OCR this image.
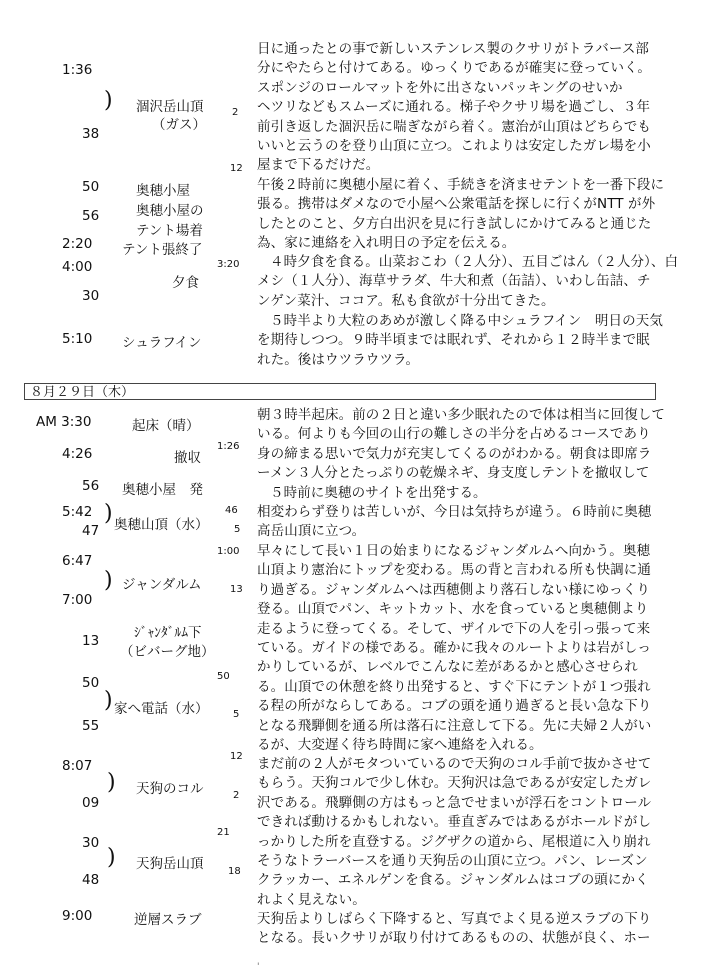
1:36
38
50
56
2:20
4:00
30
5:10
) 涸沢岳山頂
（ガス）
奥穂小屋
奥穂小屋の
テント場着
テント張終了
夕食
シュラフイン
2
12
3:20
日に通ったとの事で新しいステンレス製のクサリがトラバース部
分にやたらと付けてある。ゆっくりであるが確実に登っていく。
スポンジのロールマットを外に出さないパッキングのせいか
ヘツリなどもスムーズに通れる。梯子やクサリ場を過ごし、３年
前引き返した涸沢岳に喘ぎながら着く。憲治が山頂はどちらでも
いいと云うのを登り山頂に立つ。これよりは安定したガレ場を小
屋まで下るだけだ。
午後２時前に奥穂小屋に着く、手続きを済ませテントを一番下段に
張る。携帯はダメなので小屋へ公衆電話を探しに行くがNTT が外
したとのこと、夕方白出沢を見に行き試しにかけてみると通じた
為、家に連絡を入れ明日の予定を伝える。
４時夕食を食る。山菜おこわ（２人分）、五目ごはん（２人分）、白
メシ（１人分）、海草サラダ、牛大和煮（缶詰）、いわし缶詰、チ
ンゲン菜汁、ココア。私も食欲が十分出てきた。
５時半より大粒のあめが激しく降る中シュラフイン　明日の天気
を期待しつつ。９時半頃までは眠れず、それから１２時半まで眠
れた。後はウツラウツラ。
８月２９日（木）
AM 3:30
4:26
56
5:42
47
6:47
7:00
13
50
55
8:07
09
30
48
9:00
起床（晴）
撤収
奥穂小屋　発
) 奥穂山頂（水）
) ジャンダルム
ｼﾞｬﾝﾀﾞﾙﾑ下
（ビバーグ地）
) 家へ電話（水）
) 天狗のコル
) 天狗岳山頂
逆層スラブ
1:26
46
5
1:00
13
50
5
12
2
21
18
朝３時半起床。前の２日と違い多少眠れたので体は相当に回復して
いる。何よりも今回の山行の難しさの半分を占めるコースであり
身の締まる思いで気力が充実してくるのがわかる。朝食は即席ラ
ーメン３人分とたっぷりの乾燥ネギ、身支度しテントを撤収して
５時前に奥穂のサイトを出発する。
相変わらず登りは苦しいが、今日は気持ちが違う。６時前に奥穂
高岳山頂に立つ。
早々にして長い１日の始まりになるジャンダルムへ向かう。奥穂
山頂より憲治にトップを変わる。馬の背と言われる所も快調に通
り過ぎる。ジャンダルムへは西穂側より落石しない様にゆっくり
登る。山頂でパン、キットカット、水を食っていると奥穂側より
走るように登ってくる。そして、ザイルで下の人を引っ張って来
ている。ガイドの様である。確かに我々のルートよりは岩がしっ
かりしているが、レベルでこんなに差があるかと感心させられ
る。山頂での休憩を終り出発すると、すぐ下にテントが１つ張れ
る程の所がならしてある。コブの頭を通り過ぎると長い急な下り
となる飛騨側を通る所は落石に注意して下る。先に夫婦２人がい
るが、大変遅く待ち時間に家へ連絡を入れる。
まだ前の２人がモタついているので天狗のコル手前で抜かさせて
もらう。天狗コルで少し休む。天狗沢は急であるが安定したガレ
沢である。飛騨側の方はもっと急でせまいが浮石をコントロール
できれば動けるかもしれない。垂直ぎみではあるがホールドがし
っかりした所を直登する。ジグザクの道から、尾根道に入り崩れ
そうなトラーバースを通り天狗岳の山頂に立つ。パン、レーズン
クラッカー、エネルゲンを食る。ジャンダルムはコブの頭にかく
れよく見えない。
天狗岳よりしばらく下降すると、写真でよく見る逆スラブの下り
となる。長いクサリが取り付けてあるものの、状態が良く、ホー
'
